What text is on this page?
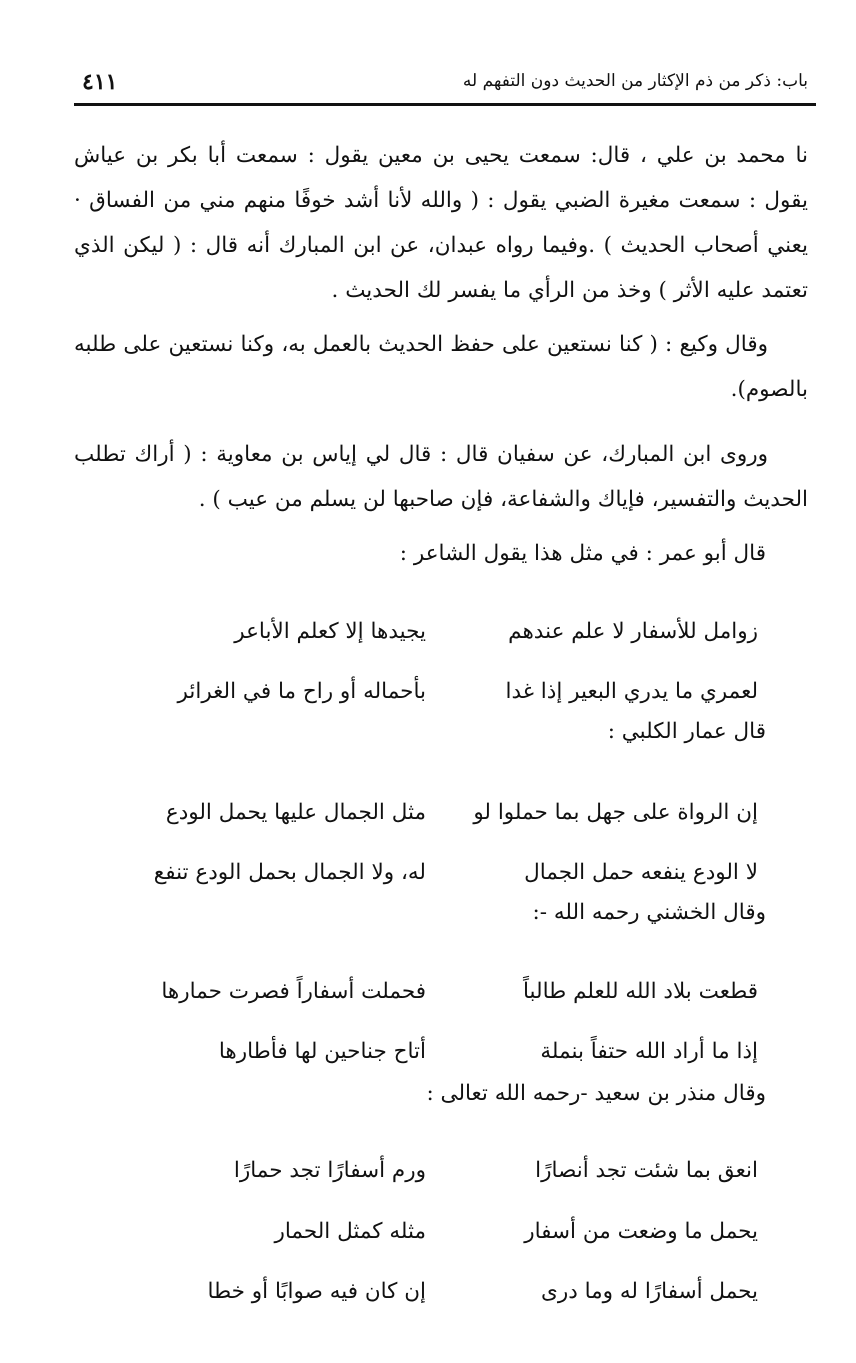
باب: ذكر من ذم الإكثار من الحديث دون التفهم له
٤١١
نا محمد بن علي ، قال: سمعت يحيى بن معين يقول : سمعت أبا بكر بن عياش يقول : سمعت مغيرة الضبي يقول : ( والله لأنا أشد خوفًا منهم مني من الفساق · يعني أصحاب الحديث ) .وفيما رواه عبدان، عن ابن المبارك أنه قال : ( ليكن الذي تعتمد عليه الأثر ) وخذ من الرأي ما يفسر لك الحديث .
وقال وكيع : ( كنا نستعين على حفظ الحديث بالعمل به، وكنا نستعين على طلبه بالصوم).
وروى ابن المبارك، عن سفيان قال : قال لي إياس بن معاوية : ( أراك تطلب الحديث والتفسير، فإياك والشفاعة، فإن صاحبها لن يسلم من عيب ) .
قال أبو عمر : في مثل هذا يقول الشاعر :
زوامل للأسفار لا علم عندهم
يجيدها إلا كعلم الأباعر
لعمري ما يدري البعير إذا غدا
بأحماله أو راح ما في الغرائر
قال عمار الكلبي :
إن الرواة على جهل بما حملوا لو
مثل الجمال عليها يحمل الودع
لا الودع ينفعه حمل الجمال
له، ولا الجمال بحمل الودع تنفع
وقال الخشني رحمه الله -:
قطعت بلاد الله للعلم طالباً
فحملت أسفاراً فصرت حمارها
إذا ما أراد الله حتفاً بنملة
أتاح جناحين لها فأطارها
وقال منذر بن سعيد -رحمه الله تعالى :
انعق بما شئت تجد أنصارًا
ورم أسفارًا تجد حمارًا
يحمل ما وضعت من أسفار
مثله كمثل الحمار
يحمل أسفارًا له وما درى
إن كان فيه صوابًا أو خطا
